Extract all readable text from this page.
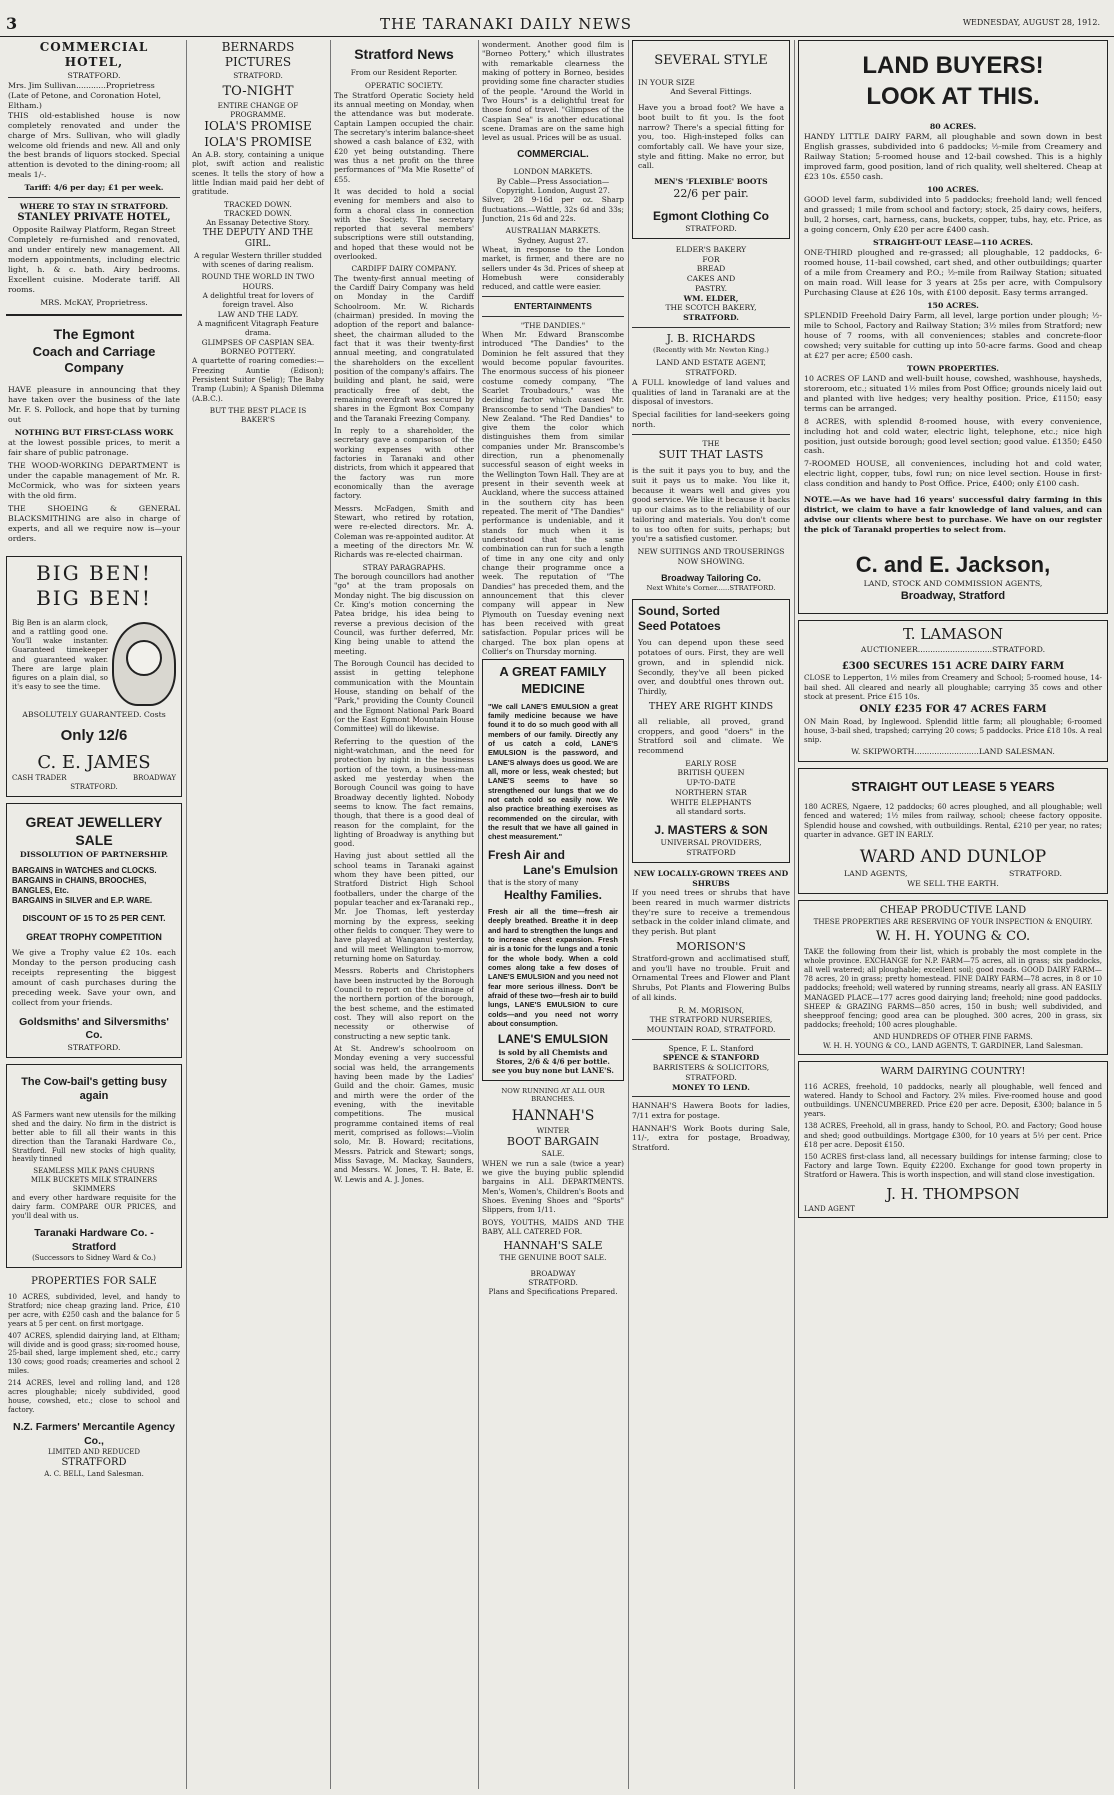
3	THE TARANAKI DAILY NEWS	WEDNESDAY, AUGUST 28, 1912.
COMMERCIAL HOTEL,
STRATFORD.
Mrs. Jim Sullivan............Proprietress
(Late of Petone, and Coronation Hotel, Eltham.)

THIS old-established house is now completely renovated and under the charge of Mrs. Sullivan, who will gladly welcome old friends and new. All and only the best brands of liquors stocked. Special attention is devoted to the dining-room; all meals 1/-.

Tariff: 4/6 per day; £1 per week.
WHERE TO STAY IN STRATFORD.
STANLEY PRIVATE HOTEL,
Opposite Railway Platform, Regan Street

Completely re-furnished and renovated, and under entirely new management. All modern appointments, including electric light, h. & c. bath. Airy bedrooms. Excellent cuisine. Moderate tariff. All rooms.

MRS. McKAY, Proprietress.
The Egmont
Coach and Carriage Company

HAVE pleasure in announcing that they have taken over the business of the late Mr. F. S. Pollock, and hope that by turning out

NOTHING BUT FIRST-CLASS WORK

at the lowest possible prices, to merit a fair share of public patronage.

THE WOOD-WORKING DEPARTMENT is under the capable management of Mr. R. McCormick, who was for sixteen years with the old firm.

THE SHOEING & GENERAL BLACKSMITHING are also in charge of experts, and all we require now is—your orders.

BIG BEN!
BIG BEN!

Big Ben is an alarm clock, and a rattling good one. You'll wake instanter. Guaranteed timekeeper and guaranteed waker. There are large plain figures on a plain dial, so it's easy to see the time.

ABSOLUTELY GUARANTEED. Costs
Only 12/6
C. E. JAMES
CASH TRADER	BROADWAY
STRATFORD.
GREAT JEWELLERY SALE
DISSOLUTION OF PARTNERSHIP.
BARGAINS in WATCHES and CLOCKS.
BARGAINS in CHAINS, BROOCHES, BANGLES, Etc.
BARGAINS in SILVER and E.P. WARE.
DISCOUNT OF 15 TO 25 PER CENT.
GREAT TROPHY COMPETITION

We give a Trophy value £2 10s. each Monday to the person producing cash receipts representing the biggest amount of cash purchases during the preceding week. Save your own, and collect from your friends.

Goldsmiths' and Silversmiths' Co.
STRATFORD.
The Cow-bail's getting busy again

AS Farmers want new utensils for the milking shed and the dairy. No firm in the district is better able to fill all their wants in this direction than the Taranaki Hardware Co., Stratford. Full new stocks of high quality, heavily tinned

SEAMLESS MILK PANS CHURNS
MILK BUCKETS MILK STRAINERS SKIMMERS

and every other hardware requisite for the dairy farm. COMPARE OUR PRICES, and you'll deal with us.

Taranaki Hardware Co. - Stratford
(Successors to Sidney Ward & Co.)
PROPERTIES FOR SALE

10 ACRES, subdivided, level, and handy to Stratford; nice cheap grazing land. Price, £10 per acre, with £250 cash and the balance for 5 years at 5 per cent. on first mortgage.

407 ACRES, splendid dairying land, at Eltham; will divide and is good grass; six-roomed house, 25-bail shed, large implement shed, etc.; carry 130 cows; good roads; creameries and school 2 miles.

214 ACRES, level and rolling land, and 128 acres ploughable; nicely subdivided, good house, cowshed, etc.; close to school and factory.

N.Z. Farmers' Mercantile Agency Co.,
LIMITED AND REDUCED
STRATFORD
A. C. BELL, Land Salesman.
BERNARDS
PICTURES
STRATFORD.
TO-NIGHT
ENTIRE CHANGE OF PROGRAMME.
IOLA'S PROMISE
IOLA'S PROMISE

An A.B. story, containing a unique plot, swift action and realistic scenes. It tells the story of how a little Indian maid paid her debt of gratitude.

TRACKED DOWN.
TRACKED DOWN.
An Essanay Detective Story.
THE DEPUTY AND THE GIRL.

A regular Western thriller studded with scenes of daring realism.

ROUND THE WORLD IN TWO HOURS.
A delightful treat for lovers of foreign travel. Also
LAW AND THE LADY.
A magnificent Vitagraph Feature drama.
GLIMPSES OF CASPIAN SEA.
BORNEO POTTERY.

A quartette of roaring comedies:—Freezing Auntie (Edison); Persistent Suitor (Selig); The Baby Tramp (Lubin); A Spanish Dilemma (A.B.C.).

BUT THE BEST PLACE IS BAKER'S
Stratford News
From our Resident Reporter.
OPERATIC SOCIETY.

The Stratford Operatic Society held its annual meeting on Monday, when the attendance was but moderate. Captain Lampen occupied the chair. The secretary's interim balance-sheet showed a cash balance of £32, with £20 yet being outstanding. There was thus a net profit on the three performances of "Ma Mie Rosette" of £55.

It was decided to hold a social evening for members and also to form a choral class in connection with the Society. The secretary reported that several members' subscriptions were still outstanding, and hoped that these would not be overlooked.

CARDIFF DAIRY COMPANY.

The twenty-first annual meeting of the Cardiff Dairy Company was held on Monday in the Cardiff Schoolroom. Mr. W. Richards (chairman) presided. In moving the adoption of the report and balance-sheet, the chairman alluded to the fact that it was their twenty-first annual meeting, and congratulated the shareholders on the excellent position of the company's affairs. The building and plant, he said, were practically free of debt, the remaining overdraft was secured by shares in the Egmont Box Company and the Taranaki Freezing Company.

In reply to a shareholder, the secretary gave a comparison of the working expenses with other factories in Taranaki and other districts, from which it appeared that the factory was run more economically than the average factory.

Messrs. McFadgen, Smith and Stewart, who retired by rotation, were re-elected directors. Mr. A. Coleman was re-appointed auditor. At a meeting of the directors Mr. W. Richards was re-elected chairman.

STRAY PARAGRAPHS.

The borough councillors had another "go" at the tram proposals on Monday night. The big discussion on Cr. King's motion concerning the Patea bridge, his idea being to reverse a previous decision of the Council, was further deferred, Mr. King being unable to attend the meeting.

The Borough Council has decided to assist in getting telephone communication with the Mountain House, standing on behalf of the "Park," providing the County Council and the Egmont National Park Board (or the East Egmont Mountain House Committee) will do likewise.

Referring to the question of the night-watchman, and the need for protection by night in the business portion of the town, a business-man asked me yesterday when the Borough Council was going to have Broadway decently lighted. Nobody seems to know. The fact remains, though, that there is a good deal of reason for the complaint, for the lighting of Broadway is anything but good.

Having just about settled all the school teams in Taranaki against whom they have been pitted, our Stratford District High School footballers, under the charge of the popular teacher and ex-Taranaki rep., Mr. Joe Thomas, left yesterday morning by the express, seeking other fields to conquer. They were to have played at Wanganui yesterday, and will meet Wellington to-morrow, returning home on Saturday.

Messrs. Roberts and Christophers have been instructed by the Borough Council to report on the drainage of the northern portion of the borough, the best scheme, and the estimated cost. They will also report on the necessity or otherwise of constructing a new septic tank.

At St. Andrew's schoolroom on Monday evening a very successful social was held, the arrangements having been made by the Ladies' Guild and the choir. Games, music and mirth were the order of the evening, with the inevitable competitions. The musical programme contained items of real merit, comprised as follows:—Violin solo, Mr. B. Howard; recitations, Messrs. Patrick and Stewart; songs, Miss Savage, M. Mackay, Saunders, and Messrs. W. Jones, T. H. Bate, E. W. Lewis and A. J. Jones.

wonderment. Another good film is "Borneo Pottery," which illustrates with remarkable clearness the making of pottery in Borneo, besides providing some fine character studies of the people. "Around the World in Two Hours" is a delightful treat for those fond of travel. "Glimpses of the Caspian Sea" is another educational scene. Dramas are on the same high level as usual. Prices will be as usual.

COMMERCIAL.
LONDON MARKETS.
By Cable—Press Association—Copyright. London, August 27.

Silver, 28 9-16d per oz. Sharp fluctuations.—Wattle, 32s 6d and 33s; Junction, 21s 6d and 22s.

AUSTRALIAN MARKETS.
Sydney, August 27.

Wheat, in response to the London market, is firmer, and there are no sellers under 4s 3d. Prices of sheep at Homebush were considerably reduced, and cattle were easier.

ENTERTAINMENTS
"THE DANDIES."

When Mr. Edward Branscombe introduced "The Dandies" to the Dominion he felt assured that they would become popular favourites. The enormous success of his pioneer costume comedy company, "The Scarlet Troubadours," was the deciding factor which caused Mr. Branscombe to send "The Dandies" to New Zealand. "The Red Dandies" to give them the color which distinguishes them from similar companies under Mr. Branscombe's direction, run a phenomenally successful season of eight weeks in the Wellington Town Hall. They are at present in their seventh week at Auckland, where the success attained in the southern city has been repeated. The merit of "The Dandies" performance is undeniable, and it stands for much when it is understood that the same combination can run for such a length of time in any one city and only change their programme once a week. The reputation of "The Dandies" has preceded them, and the announcement that this clever company will appear in New Plymouth on Tuesday evening next has been received with great satisfaction. Popular prices will be charged. The box plan opens at Collier's on Thursday morning.

A GREAT FAMILY
MEDICINE

"We call LANE'S EMULSION a great family medicine because we have found it to do so much good with all members of our family. Directly any of us catch a cold, LANE'S EMULSION is the password, and LANE'S always does us good. We are all, more or less, weak chested; but LANE'S seems to have so strengthened our lungs that we do not catch cold so easily now. We also practice breathing exercises as recommended on the circular, with the result that we have all gained in chest measurement."

Fresh Air and
Lane's Emulsion
that is the story of many
Healthy Families.

Fresh air all the time—fresh air deeply breathed. Breathe it in deep and hard to strengthen the lungs and to increase chest expansion. Fresh air is a tonic for the lungs and a tonic for the whole body. When a cold comes along take a few doses of LANE'S EMULSION and you need not fear more serious illness. Don't be afraid of these two—fresh air to build lungs, LANE'S EMULSION to cure colds—and you need not worry about consumption.

LANE'S EMULSION
is sold by all Chemists and Stores, 2/6 & 4/6 per bottle.
see you buy none but LANE'S.
NOW RUNNING AT ALL OUR BRANCHES.
HANNAH'S
WINTER
BOOT BARGAIN
SALE.

WHEN we run a sale (twice a year) we give the buying public splendid bargains in ALL DEPARTMENTS. Men's, Women's, Children's Boots and Shoes. Evening Shoes and "Sports" Slippers, from 1/11.

BOYS, YOUTHS, MAIDS AND THE BABY, ALL CATERED FOR.

HANNAH'S SALE
THE GENUINE BOOT SALE.
BROADWAY
STRATFORD.
Plans and Specifications Prepared.
SEVERAL STYLE
IN YOUR SIZE
And Several Fittings.

Have you a broad foot? We have a boot built to fit you. Is the foot narrow? There's a special fitting for you, too. High-insteped folks can comfortably call. We have your size, style and fitting. Make no error, but call.

MEN'S 'FLEXIBLE' BOOTS
22/6 per pair.
Egmont Clothing Co
STRATFORD.
ELDER'S BAKERY
FOR
BREAD
CAKES AND
PASTRY.
WM. ELDER,
THE SCOTCH BAKERY,
STRATFORD.
J. B. RICHARDS
(Recently with Mr. Newton King.)
LAND AND ESTATE AGENT,
STRATFORD.

A FULL knowledge of land values and qualities of land in Taranaki are at the disposal of investors.

Special facilities for land-seekers going north.

THE
SUIT THAT LASTS

is the suit it pays you to buy, and the suit it pays us to make. You like it, because it wears well and gives you good service. We like it because it backs up our claims as to the reliability of our tailoring and materials. You don't come to us too often for suits, perhaps; but you're a satisfied customer.

NEW SUITINGS AND TROUSERINGS NOW SHOWING.
Broadway Tailoring Co.
Next White's Corner......STRATFORD.
Sound, Sorted
Seed Potatoes

You can depend upon these seed potatoes of ours. First, they are well grown, and in splendid nick. Secondly, they've all been picked over, and doubtful ones thrown out. Thirdly,

THEY ARE RIGHT KINDS

all reliable, all proved, grand croppers, and good "doers" in the Stratford soil and climate. We recommend

EARLY ROSE
BRITISH QUEEN
UP-TO-DATE
NORTHERN STAR
WHITE ELEPHANTS
all standard sorts.
J. MASTERS & SON
UNIVERSAL PROVIDERS,
STRATFORD
NEW LOCALLY-GROWN TREES AND SHRUBS

If you need trees or shrubs that have been reared in much warmer districts they're sure to receive a tremendous setback in the colder inland climate, and they perish. But plant

MORISON'S

Stratford-grown and acclimatised stuff, and you'll have no trouble. Fruit and Ornamental Trees and Flower and Plant Shrubs, Pot Plants and Flowering Bulbs of all kinds.

R. M. MORISON,
THE STRATFORD NURSERIES,
MOUNTAIN ROAD, STRATFORD.
Spence, F. L. Stanford
SPENCE & STANFORD
BARRISTERS & SOLICITORS,
STRATFORD.
MONEY TO LEND.

HANNAH'S Hawera Boots for ladies, 7/11 extra for postage.

HANNAH'S Work Boots during Sale, 11/-, extra for postage, Broadway, Stratford.

LAND BUYERS!
LOOK AT THIS.
80 ACRES.

HANDY LITTLE DAIRY FARM, all ploughable and sown down in best English grasses, subdivided into 6 paddocks; ½-mile from Creamery and Railway Station; 5-roomed house and 12-bail cowshed. This is a highly improved farm, good position, land of rich quality, well sheltered. Cheap at £23 10s. £550 cash.

100 ACRES.

GOOD level farm, subdivided into 5 paddocks; freehold land; well fenced and grassed; 1 mile from school and factory; stock, 25 dairy cows, heifers, bull, 2 horses, cart, harness, cans, buckets, copper, tubs, hay, etc. Price, as a going concern, Only £20 per acre £400 cash.

STRAIGHT-OUT LEASE—110 ACRES.

ONE-THIRD ploughed and re-grassed; all ploughable, 12 paddocks, 6-roomed house, 11-bail cowshed, cart shed, and other outbuildings; quarter of a mile from Creamery and P.O.; ½-mile from Railway Station; situated on main road. Will lease for 3 years at 25s per acre, with Compulsory Purchasing Clause at £26 10s, with £100 deposit. Easy terms arranged.

150 ACRES.

SPLENDID Freehold Dairy Farm, all level, large portion under plough; ½-mile to School, Factory and Railway Station; 3½ miles from Stratford; new house of 7 rooms, with all conveniences; stables and concrete-floor cowshed; very suitable for cutting up into 50-acre farms. Good and cheap at £27 per acre; £500 cash.

TOWN PROPERTIES.

10 ACRES OF LAND and well-built house, cowshed, washhouse, haysheds, storeroom, etc.; situated 1½ miles from Post Office; grounds nicely laid out and planted with live hedges; very healthy position. Price, £1150; easy terms can be arranged.

8 ACRES, with splendid 8-roomed house, with every convenience, including hot and cold water, electric light, telephone, etc.; nice high position, just outside borough; good level section; good value. £1350; £450 cash.

7-ROOMED HOUSE, all conveniences, including hot and cold water, electric light, copper, tubs, fowl run; on nice level section. House in first-class condition and handy to Post Office. Price, £400; only £100 cash.

NOTE.—As we have had 16 years' successful dairy farming in this district, we claim to have a fair knowledge of land values, and can advise our clients where best to purchase. We have on our register the pick of Taranaki properties to select from.

C. and E. Jackson,
LAND, STOCK AND COMMISSION AGENTS,
Broadway, Stratford
T. LAMASON
AUCTIONEER..............................STRATFORD.
£300 SECURES 151 ACRE DAIRY FARM

CLOSE to Lepperton, 1½ miles from Creamery and School; 5-roomed house, 14-bail shed. All cleared and nearly all ploughable; carrying 35 cows and other stock at present. Price £15 10s.

ONLY £235 FOR 47 ACRES FARM

ON Main Road, by Inglewood. Splendid little farm; all ploughable; 6-roomed house, 3-bail shed, trapshed; carrying 20 cows; 5 paddocks. Price £18 10s. A real snip.

W. SKIPWORTH..........................LAND SALESMAN.
STRAIGHT OUT LEASE 5 YEARS

180 ACRES, Ngaere, 12 paddocks; 60 acres ploughed, and all ploughable; well fenced and watered; 1½ miles from railway, school; cheese factory opposite. Splendid house and cowshed, with outbuildings. Rental, £210 per year, no rates; quarter in advance. GET IN EARLY.

WARD AND DUNLOP
LAND AGENTS,	STRATFORD.
WE SELL THE EARTH.
CHEAP PRODUCTIVE LAND
THESE PROPERTIES ARE RESERVING OF YOUR INSPECTION & ENQUIRY.
W. H. H. YOUNG & CO.

TAKE the following from their list, which is probably the most complete in the whole province. EXCHANGE for N.P. FARM—75 acres, all in grass; six paddocks, all well watered; all ploughable; excellent soil; good roads. GOOD DAIRY FARM—78 acres, 20 in grass; pretty homestead. FINE DAIRY FARM—78 acres, in 8 or 10 paddocks; freehold; well watered by running streams, nearly all grass. AN EASILY MANAGED PLACE—177 acres good dairying land; freehold; nine good paddocks. SHEEP & GRAZING FARMS—850 acres, 150 in bush; well subdivided, and sheepproof fencing; good area can be ploughed. 300 acres, 200 in grass, six paddocks; freehold; 100 acres ploughable.

AND HUNDREDS OF OTHER FINE FARMS.
W. H. H. YOUNG & CO., LAND AGENTS, T. GARDINER, Land Salesman.
WARM DAIRYING COUNTRY!

116 ACRES, freehold, 10 paddocks, nearly all ploughable, well fenced and watered. Handy to School and Factory. 2¾ miles. Five-roomed house and good outbuildings. UNENCUMBERED. Price £20 per acre. Deposit, £300; balance in 5 years.

138 ACRES, Freehold, all in grass, handy to School, P.O. and Factory; Good house and shed; good outbuildings. Mortgage £300, for 10 years at 5½ per cent. Price £18 per acre. Deposit £150.

150 ACRES first-class land, all necessary buildings for intense farming; close to Factory and large Town. Equity £2200. Exchange for good town property in Stratford or Hawera. This is worth inspection, and will stand close investigation.

J. H. THOMPSON
LAND AGENT
